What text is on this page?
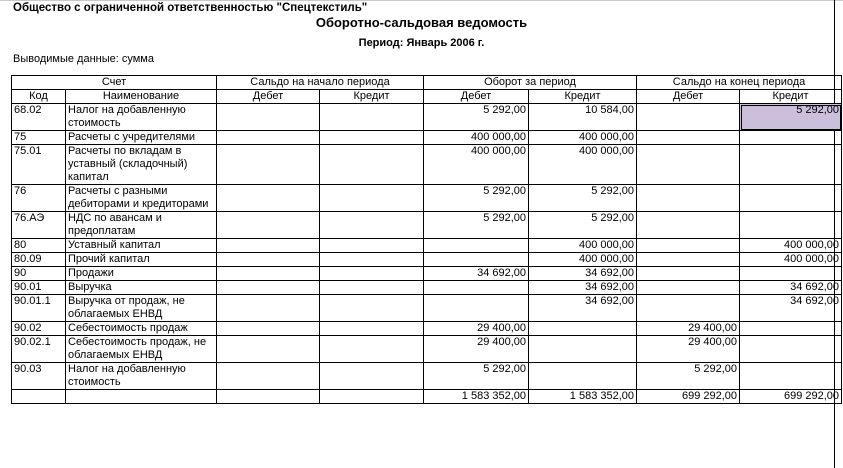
Общество с ограниченной ответственностью "Спецтекстиль"
Оборотно-сальдовая ведомость
Период: Январь 2006 г.
Выводимые данные: сумма
Счет		Сальдо на начало периода		Оборот за период		Сальдо на конец периода	
Код	Наименование	Дебет	Кредит	Дебет	Кредит	Дебет	Кредит
68.02	Налог на добавленную стоимость			5 292,00	10 584,00		5 292,00
75	Расчеты с учредителями			400 000,00	400 000,00		
75.01	Расчеты по вкладам в уставный (складочный) капитал			400 000,00	400 000,00		
76	Расчеты с разными дебиторами и кредиторами			5 292,00	5 292,00		
76.АЭ	НДС по авансам и предоплатам			5 292,00	5 292,00		
80	Уставный капитал				400 000,00		400 000,00
80.09	Прочий капитал				400 000,00		400 000,00
90	Продажи			34 692,00	34 692,00		
90.01	Выручка				34 692,00		34 692,00
90.01.1	Выручка от продаж, не облагаемых ЕНВД				34 692,00		34 692,00
90.02	Себестоимость продаж			29 400,00		29 400,00	
90.02.1	Себестоимость продаж, не облагаемых ЕНВД			29 400,00		29 400,00	
90.03	Налог на добавленную стоимость			5 292,00		5 292,00	
				1 583 352,00	1 583 352,00	699 292,00	699 292,00
